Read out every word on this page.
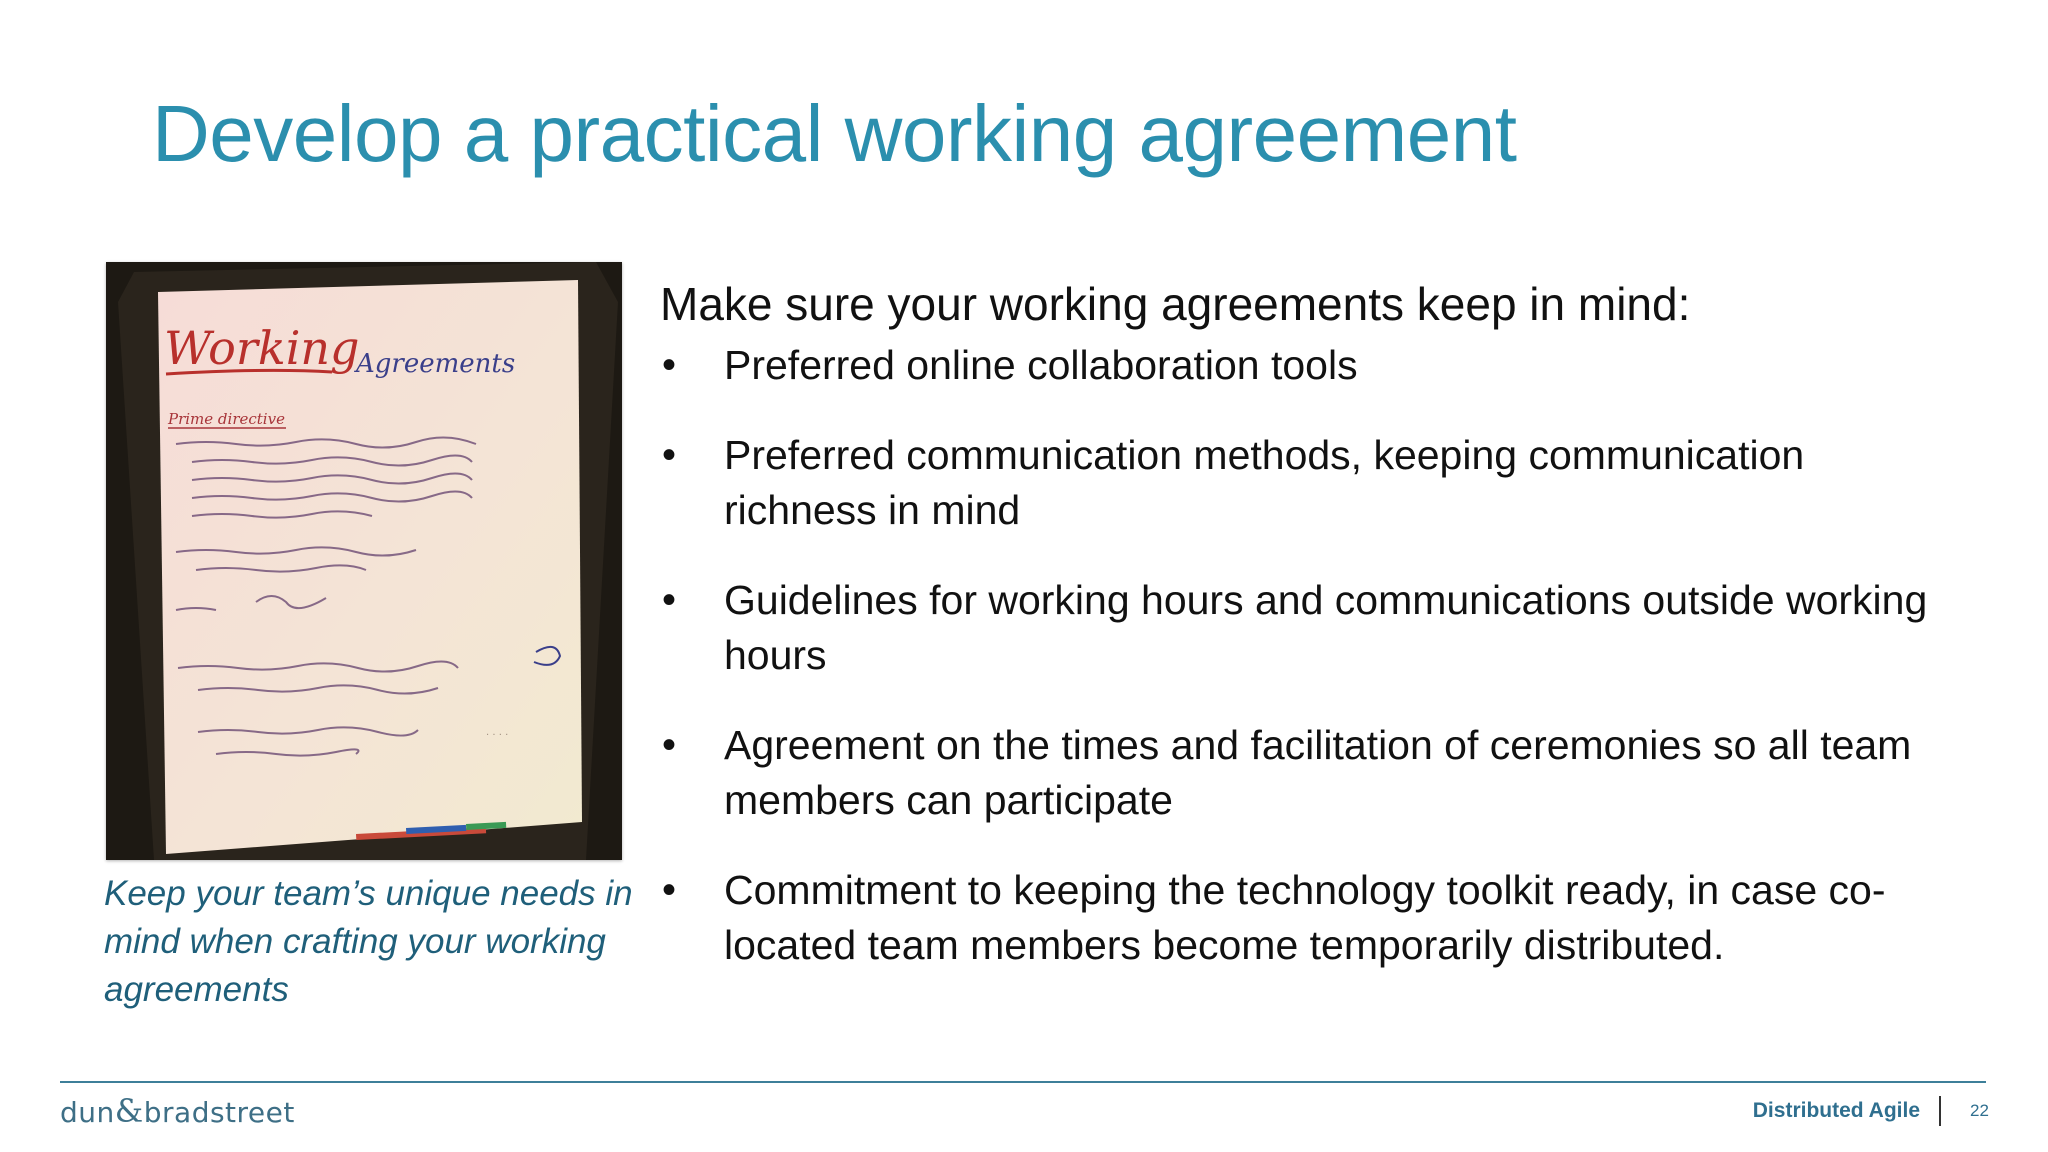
Develop a practical working agreement
Working
Agreements
Prime directive
· · · ·
Keep your team’s unique needs in mind when crafting your working agreements
Make sure your working agreements keep in mind:
• Preferred online collaboration tools
• Preferred communication methods, keeping communication richness in mind
• Guidelines for working hours and communications outside working hours
• Agreement on the times and facilitation of ceremonies so all team members can participate
• Commitment to keeping the technology toolkit ready, in case co-located team members become temporarily distributed.
dun&bradstreet	Distributed Agile	22
